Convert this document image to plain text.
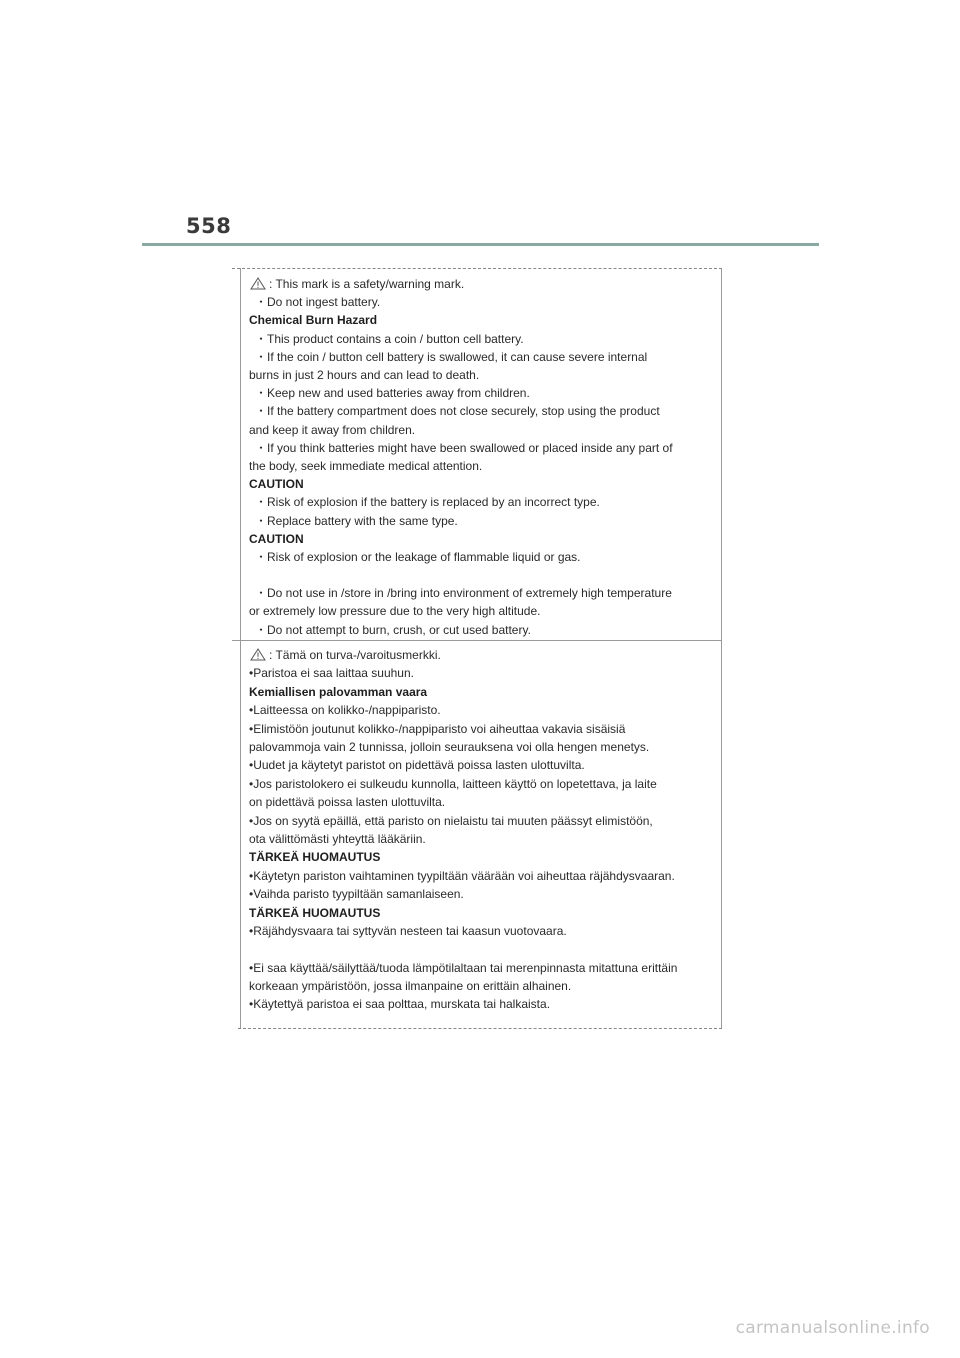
558

: This mark is a safety/warning mark.

・Do not ingest battery.

Chemical Burn Hazard

・This product contains a coin / button cell battery.

・If the coin / button cell battery is swallowed, it can cause severe internal

burns in just 2 hours and can lead to death.

・Keep new and used batteries away from children.

・If the battery compartment does not close securely, stop using the product

and keep it away from children.

・If you think batteries might have been swallowed or placed inside any part of

the body, seek immediate medical attention.

CAUTION

・Risk of explosion if the battery is replaced by an incorrect type.

・Replace battery with the same type.

CAUTION

・Risk of explosion or the leakage of flammable liquid or gas.

・Do not use in /store in /bring into environment of extremely high temperature

or extremely low pressure due to the very high altitude.

・Do not attempt to burn, crush, or cut used battery.

: Tämä on turva-/varoitusmerkki.

•Paristoa ei saa laittaa suuhun.

Kemiallisen palovamman vaara

•Laitteessa on kolikko-/nappiparisto.

•Elimistöön joutunut kolikko-/nappiparisto voi aiheuttaa vakavia sisäisiä

palovammoja vain 2 tunnissa, jolloin seurauksena voi olla hengen menetys.

•Uudet ja käytetyt paristot on pidettävä poissa lasten ulottuvilta.

•Jos paristolokero ei sulkeudu kunnolla, laitteen käyttö on lopetettava, ja laite

on pidettävä poissa lasten ulottuvilta.

•Jos on syytä epäillä, että paristo on nielaistu tai muuten päässyt elimistöön,

ota välittömästi yhteyttä lääkäriin.

TÄRKEÄ HUOMAUTUS

•Käytetyn pariston vaihtaminen tyypiltään väärään voi aiheuttaa räjähdysvaaran.

•Vaihda paristo tyypiltään samanlaiseen.

TÄRKEÄ HUOMAUTUS

•Räjähdysvaara tai syttyvän nesteen tai kaasun vuotovaara.

•Ei saa käyttää/säilyttää/tuoda lämpötilaltaan tai merenpinnasta mitattuna erittäin

korkeaan ympäristöön, jossa ilmanpaine on erittäin alhainen.

•Käytettyä paristoa ei saa polttaa, murskata tai halkaista.

carmanualsonline.info
